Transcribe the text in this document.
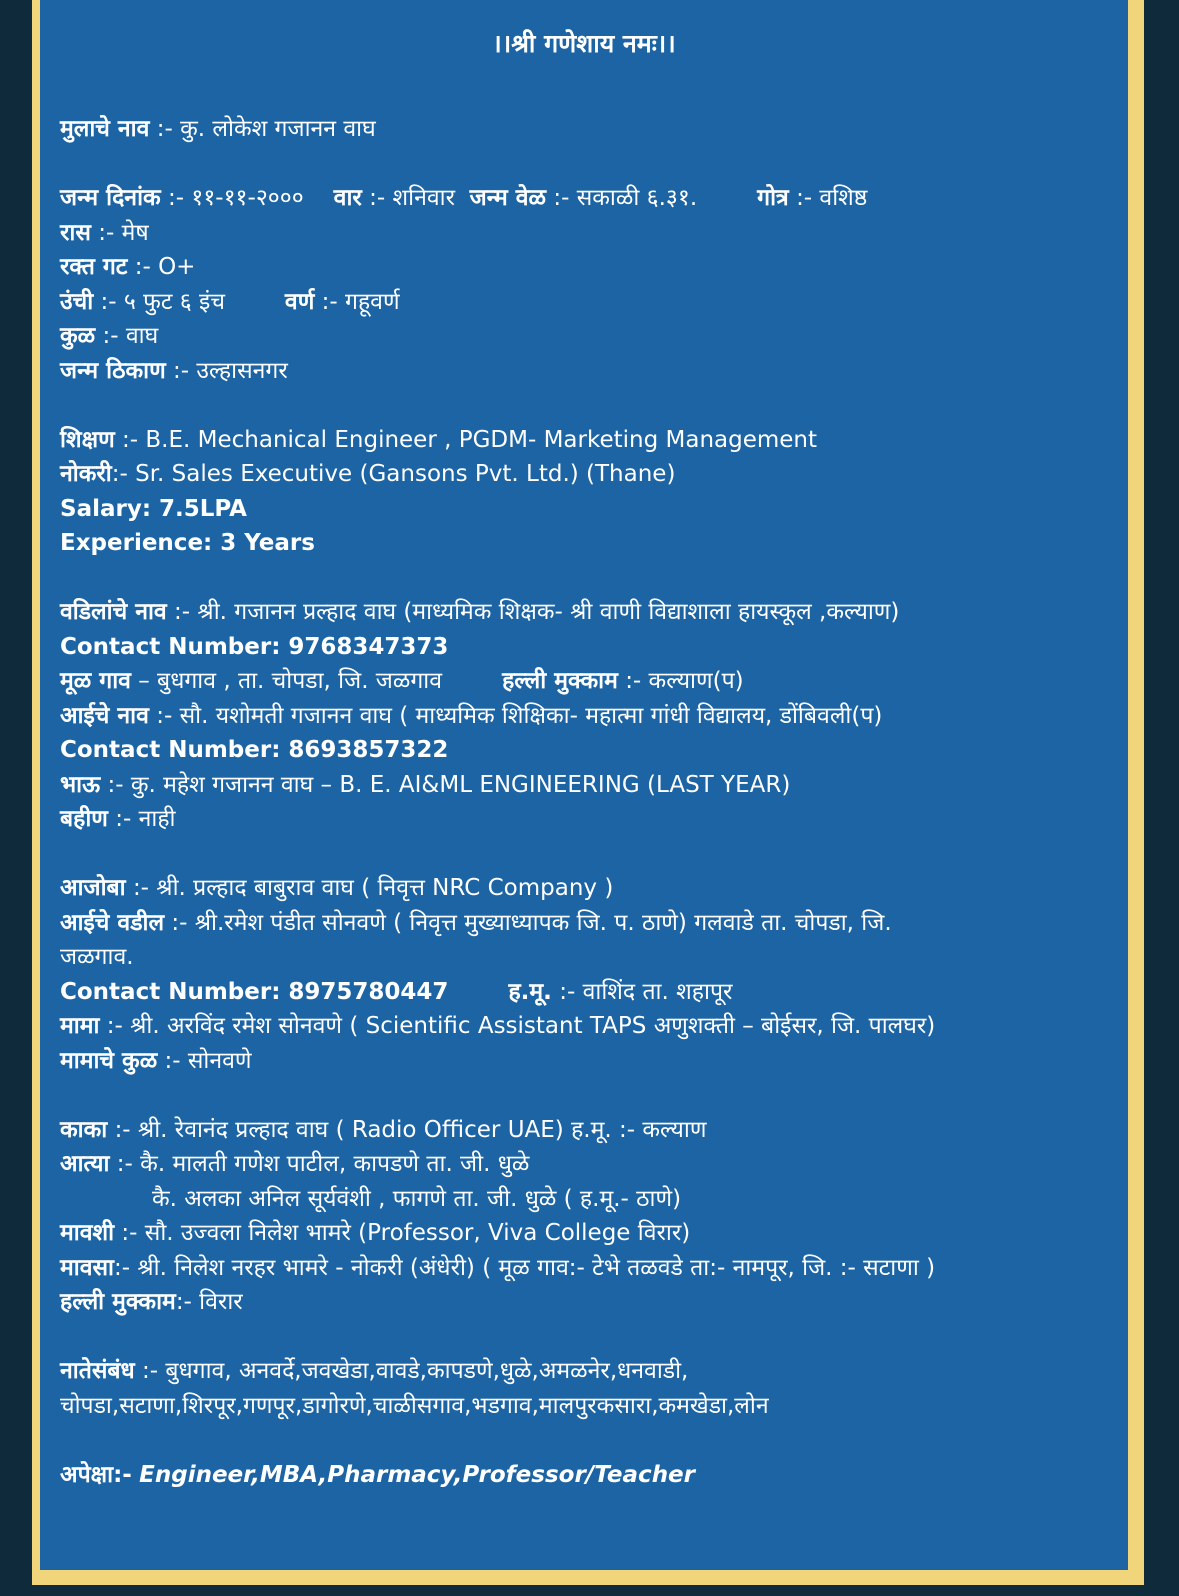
।।श्री गणेशाय नमः।।
मुलाचे नाव :- कु. लोकेश गजानन वाघ
जन्म दिनांक :- ११-११-२००० वार :- शनिवार जन्म वेळ :- सकाळी ६.३१.	गोत्र :- वशिष्ठ
रास :- मेष
रक्त गट :- O+
उंची :- ५ फुट ६ इंच	वर्ण :- गहूवर्ण
कुळ :- वाघ
जन्म ठिकाण :- उल्हासनगर
शिक्षण :- B.E. Mechanical Engineer , PGDM- Marketing Management
नोकरी:- Sr. Sales Executive (Gansons Pvt. Ltd.) (Thane)
Salary: 7.5LPA
Experience: 3 Years
वडिलांचे नाव :- श्री. गजानन प्रल्हाद वाघ (माध्यमिक शिक्षक- श्री वाणी विद्याशाला हायस्कूल ,कल्याण)
Contact Number: 9768347373
मूळ गाव – बुधगाव , ता. चोपडा, जि. जळगाव	हल्ली मुक्काम :- कल्याण(प)
आईचे नाव :- सौ. यशोमती गजानन वाघ ( माध्यमिक शिक्षिका- महात्मा गांधी विद्यालय, डोंबिवली(प)
Contact Number: 8693857322
भाऊ :- कु. महेश गजानन वाघ – B. E. AI&ML ENGINEERING (LAST YEAR)
बहीण :- नाही
आजोबा :- श्री. प्रल्हाद बाबुराव वाघ ( निवृत्त NRC Company )
आईचे वडील :- श्री.रमेश पंडीत सोनवणे ( निवृत्त मुख्याध्यापक जि. प. ठाणे) गलवाडे ता. चोपडा, जि.
जळगाव.
Contact Number: 8975780447	ह.मू. :- वाशिंद ता. शहापूर
मामा :- श्री. अरविंद रमेश सोनवणे ( Scientific Assistant TAPS अणुशक्ती – बोईसर, जि. पालघर)
मामाचे कुळ :- सोनवणे
काका :- श्री. रेवानंद प्रल्हाद वाघ ( Radio Officer UAE) ह.मू. :- कल्याण
आत्या :- कै. मालती गणेश पाटील, कापडणे ता. जी. धुळे
कै. अलका अनिल सूर्यवंशी , फागणे ता. जी. धुळे ( ह.मू.- ठाणे)
मावशी :- सौ. उज्वला निलेश भामरे (Professor, Viva College विरार)
मावसा:- श्री. निलेश नरहर भामरे - नोकरी (अंधेरी) ( मूळ गाव:- टेभे तळवडे ता:- नामपूर, जि. :- सटाणा )
हल्ली मुक्काम:- विरार
नातेसंबंध :- बुधगाव, अनवर्दे,जवखेडा,वावडे,कापडणे,धुळे,अमळनेर,धनवाडी,
चोपडा,सटाणा,शिरपूर,गणपूर,डागोरणे,चाळीसगाव,भडगाव,मालपुरकसारा,कमखेडा,लोन
अपेक्षा:- Engineer,MBA,Pharmacy,Professor/Teacher
